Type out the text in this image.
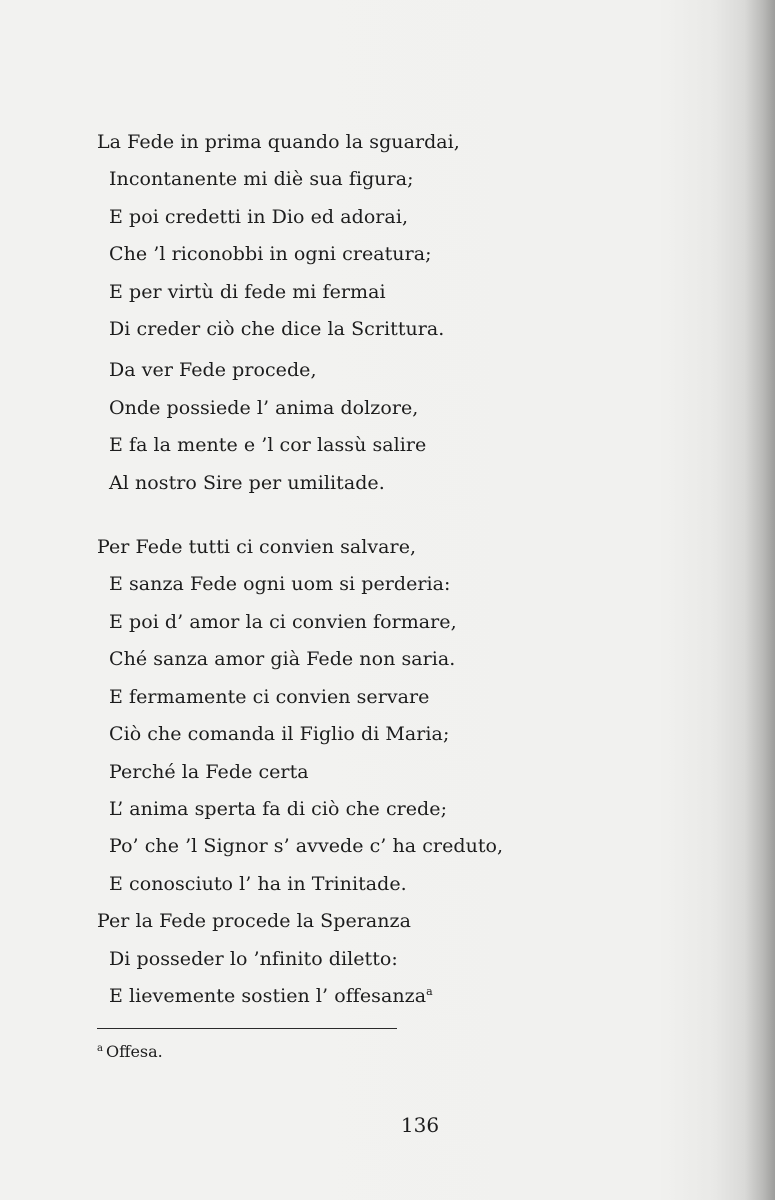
La Fede in prima quando la sguardai,
Incontanente mi diè sua figura;
E poi credetti in Dio ed adorai,
Che ’l riconobbi in ogni creatura;
E per virtù di fede mi fermai
Di creder ciò che dice la Scrittura.
Da ver Fede procede,
Onde possiede l’ anima dolzore,
E fa la mente e ’l cor lassù salire
Al nostro Sire per umilitade.
Per Fede tutti ci convien salvare,
E sanza Fede ogni uom si perderia:
E poi d’ amor la ci convien formare,
Ché sanza amor già Fede non saria.
E fermamente ci convien servare
Ciò che comanda il Figlio di Maria;
Perché la Fede certa
L’ anima sperta fa di ciò che crede;
Po’ che ’l Signor s’ avvede c’ ha creduto,
E conosciuto l’ ha in Trinitade.
Per la Fede procede la Speranza
Di posseder lo ’nfinito diletto:
E lievemente sostien l’ offesanza$^a$
$^a$ Offesa.
136
